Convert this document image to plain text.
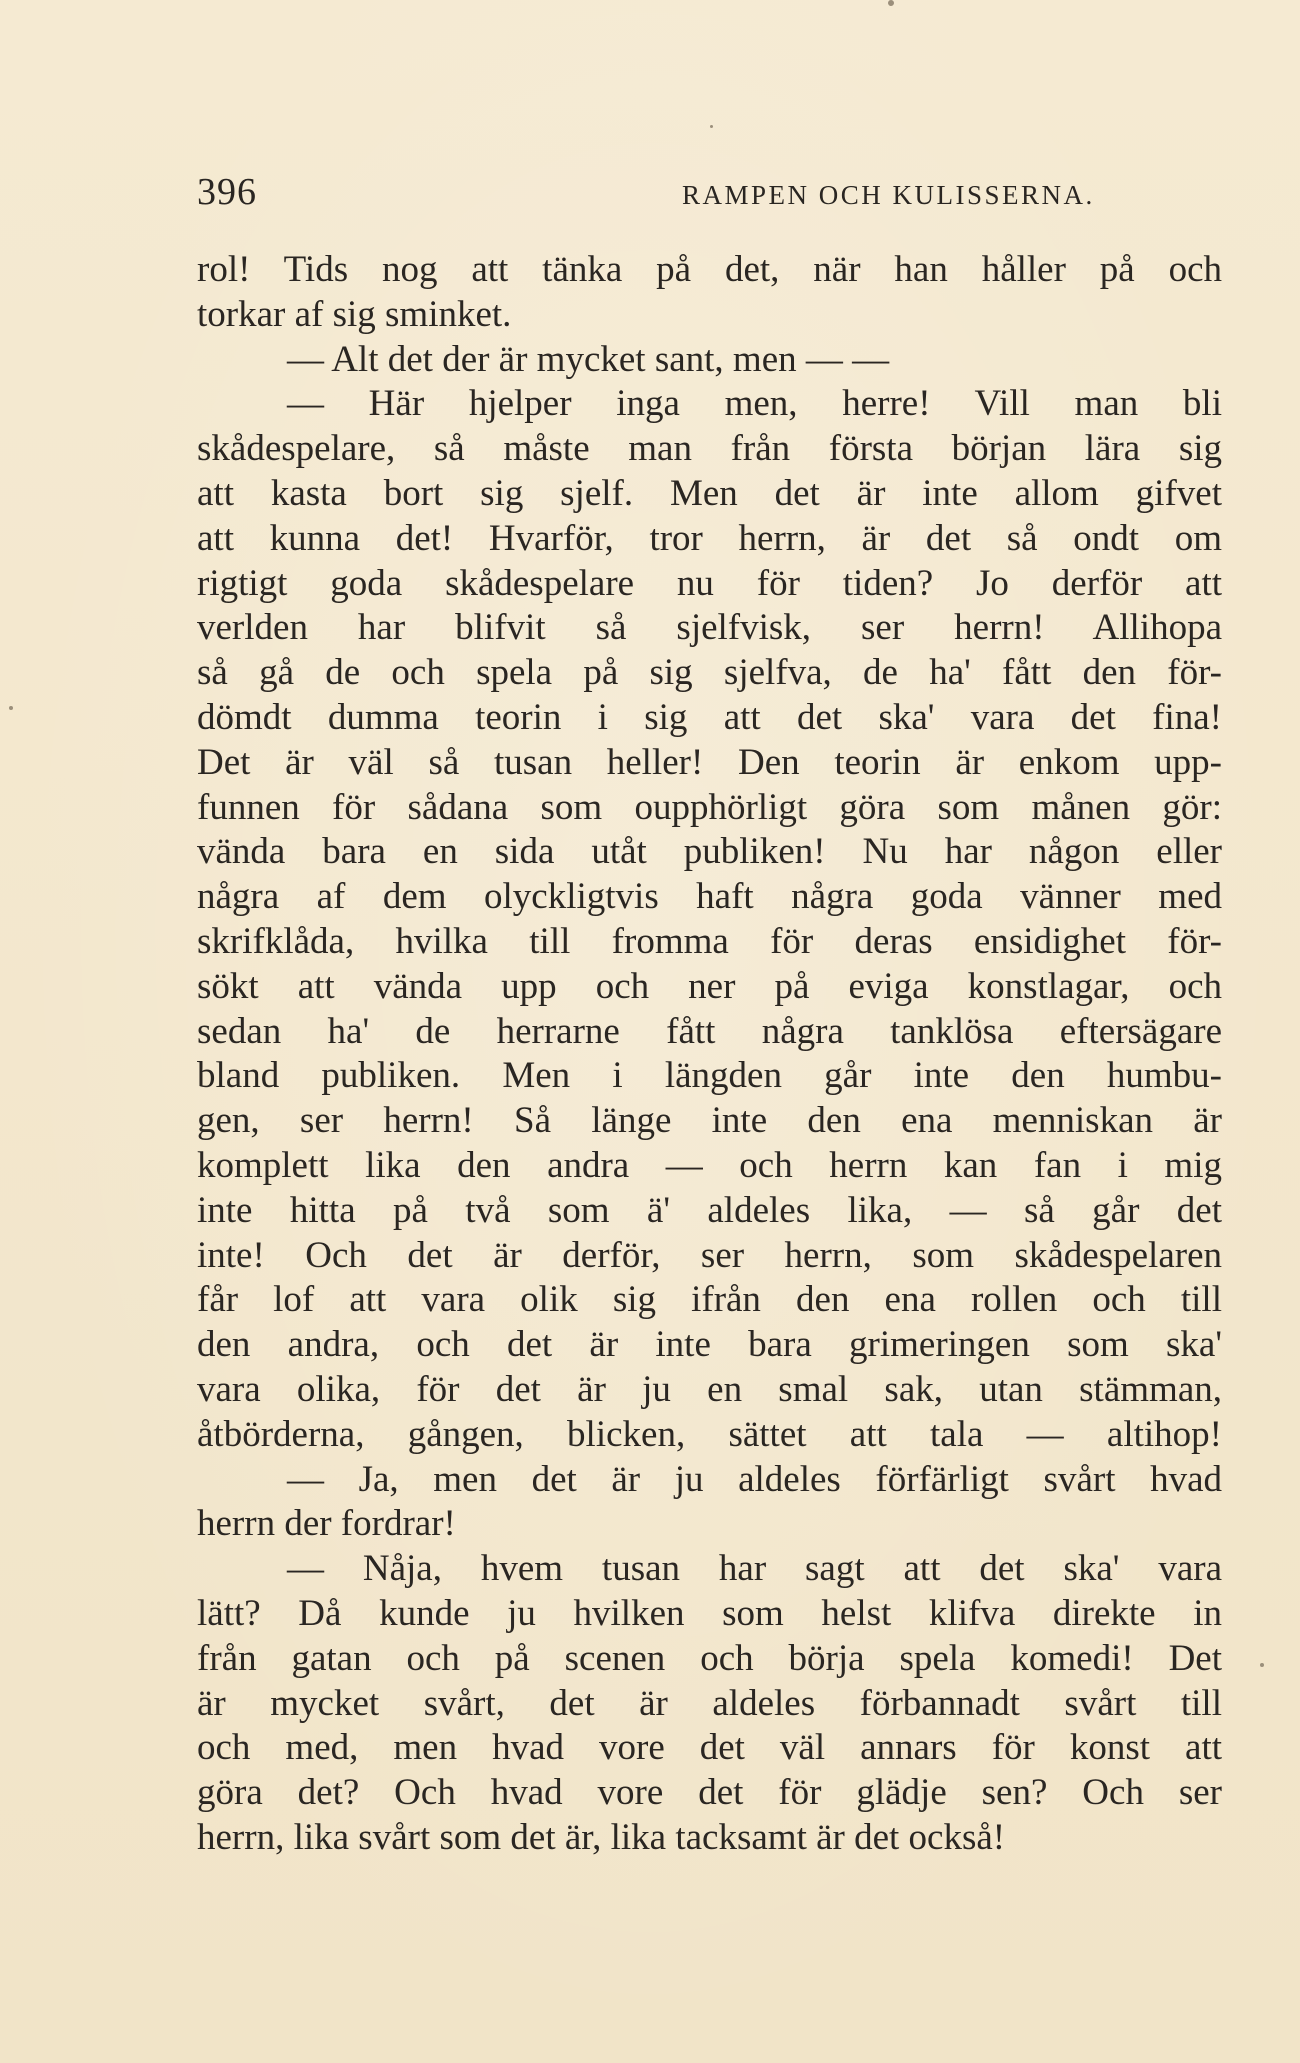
396	RAMPEN OCH KULISSERNA.
rol! Tids nog att tänka på det, när han håller på och
torkar af sig sminket.
— Alt det der är mycket sant, men — —
— Här hjelper inga men, herre! Vill man bli
skådespelare, så måste man från första början lära sig
att kasta bort sig sjelf. Men det är inte allom gifvet
att kunna det! Hvarför, tror herrn, är det så ondt om
rigtigt goda skådespelare nu för tiden? Jo derför att
verlden har blifvit så sjelfvisk, ser herrn! Allihopa
så gå de och spela på sig sjelfva, de ha' fått den för-
dömdt dumma teorin i sig att det ska' vara det fina!
Det är väl så tusan heller! Den teorin är enkom upp-
funnen för sådana som oupphörligt göra som månen gör:
vända bara en sida utåt publiken! Nu har någon eller
några af dem olyckligtvis haft några goda vänner med
skrifklåda, hvilka till fromma för deras ensidighet för-
sökt att vända upp och ner på eviga konstlagar, och
sedan ha' de herrarne fått några tanklösa eftersägare
bland publiken. Men i längden går inte den humbu-
gen, ser herrn! Så länge inte den ena menniskan är
komplett lika den andra — och herrn kan fan i mig
inte hitta på två som ä' aldeles lika, — så går det
inte! Och det är derför, ser herrn, som skådespelaren
får lof att vara olik sig ifrån den ena rollen och till
den andra, och det är inte bara grimeringen som ska'
vara olika, för det är ju en smal sak, utan stämman,
åtbörderna, gången, blicken, sättet att tala — altihop!
— Ja, men det är ju aldeles förfärligt svårt hvad
herrn der fordrar!
— Nåja, hvem tusan har sagt att det ska' vara
lätt? Då kunde ju hvilken som helst klifva direkte in
från gatan och på scenen och börja spela komedi! Det
är mycket svårt, det är aldeles förbannadt svårt till
och med, men hvad vore det väl annars för konst att
göra det? Och hvad vore det för glädje sen? Och ser
herrn, lika svårt som det är, lika tacksamt är det också!
